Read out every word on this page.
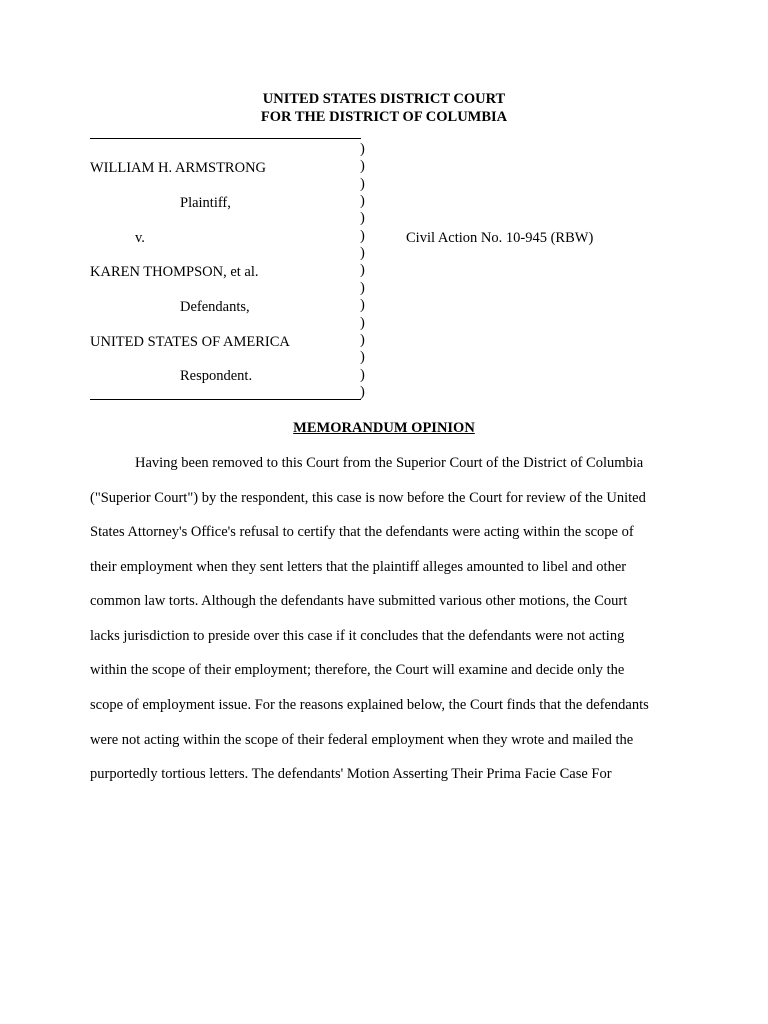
UNITED STATES DISTRICT COURT
FOR THE DISTRICT OF COLUMBIA
)
)
)
)
)
)
)
)
)
)
)
)
)
)
)
WILLIAM H. ARMSTRONG
Plaintiff,
v.
KAREN THOMPSON, et al.
Defendants,
UNITED STATES OF AMERICA
Respondent.
Civil Action No. 10-945 (RBW)
MEMORANDUM OPINION
Having been removed to this Court from the Superior Court of the District of Columbia
("Superior Court") by the respondent, this case is now before the Court for review of the United
States Attorney's Office's refusal to certify that the defendants were acting within the scope of
their employment when they sent letters that the plaintiff alleges amounted to libel and other
common law torts. Although the defendants have submitted various other motions, the Court
lacks jurisdiction to preside over this case if it concludes that the defendants were not acting
within the scope of their employment; therefore, the Court will examine and decide only the
scope of employment issue. For the reasons explained below, the Court finds that the defendants
were not acting within the scope of their federal employment when they wrote and mailed the
purportedly tortious letters. The defendants' Motion Asserting Their Prima Facie Case For
